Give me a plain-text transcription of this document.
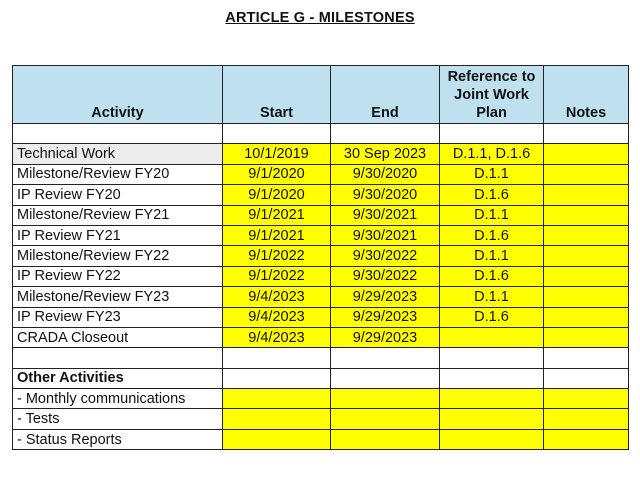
ARTICLE G - MILESTONES
Activity	Start	End	Reference to Joint Work Plan	Notes

Technical Work	10/1/2019	30 Sep 2023	D.1.1, D.1.6	
Milestone/Review FY20	9/1/2020	9/30/2020	D.1.1	
IP Review FY20	9/1/2020	9/30/2020	D.1.6	
Milestone/Review FY21	9/1/2021	9/30/2021	D.1.1	
IP Review FY21	9/1/2021	9/30/2021	D.1.6	
Milestone/Review FY22	9/1/2022	9/30/2022	D.1.1	
IP Review FY22	9/1/2022	9/30/2022	D.1.6	
Milestone/Review FY23	9/4/2023	9/29/2023	D.1.1	
IP Review FY23	9/4/2023	9/29/2023	D.1.6	
CRADA Closeout	9/4/2023	9/29/2023		

Other Activities				
- Monthly communications				
- Tests				
- Status Reports				
